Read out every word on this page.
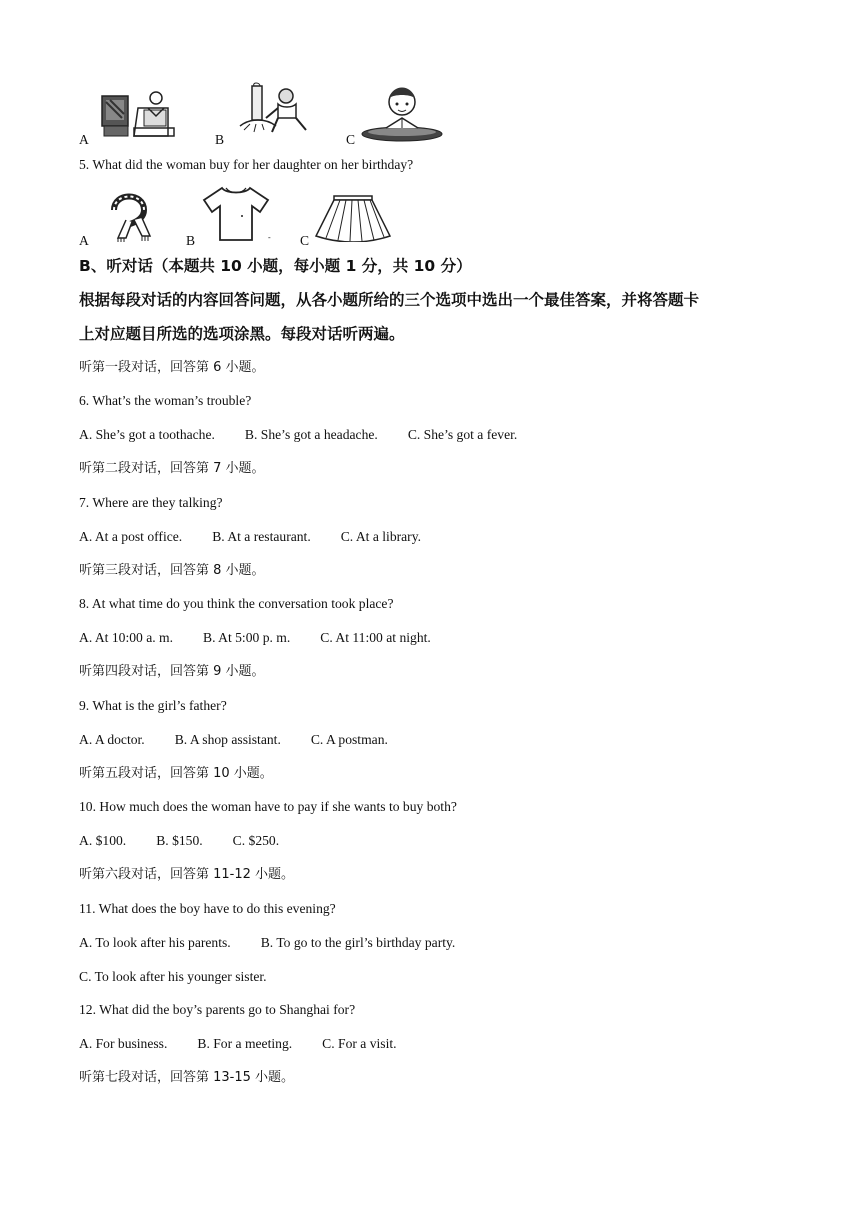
A	B	C
5. What did the woman buy for her daughter on her birthday?
A	B	- C
B、听对话（本题共 10 小题，每小题 1 分，共 10 分）
根据每段对话的内容回答问题，从各小题所给的三个选项中选出一个最佳答案，并将答题卡
上对应题目所选的选项涂黑。每段对话听两遍。
听第一段对话，回答第 6 小题。
6. What’s the woman’s trouble?
A. She’s got a toothache. B. She’s got a headache. C. She’s got a fever.
听第二段对话，回答第 7 小题。
7. Where are they talking?
A. At a post office. B. At a restaurant. C. At a library.
听第三段对话，回答第 8 小题。
8. At what time do you think the conversation took place?
A. At 10:00 a. m. B. At 5:00 p. m. C. At 11:00 at night.
听第四段对话，回答第 9 小题。
9. What is the girl’s father?
A. A doctor. B. A shop assistant. C. A postman.
听第五段对话，回答第 10 小题。
10. How much does the woman have to pay if she wants to buy both?
A. $100. B. $150. C. $250.
听第六段对话，回答第 11-12 小题。
11. What does the boy have to do this evening?
A. To look after his parents. B. To go to the girl’s birthday party.
C. To look after his younger sister.
12. What did the boy’s parents go to Shanghai for?
A. For business. B. For a meeting. C. For a visit.
听第七段对话，回答第 13-15 小题。
